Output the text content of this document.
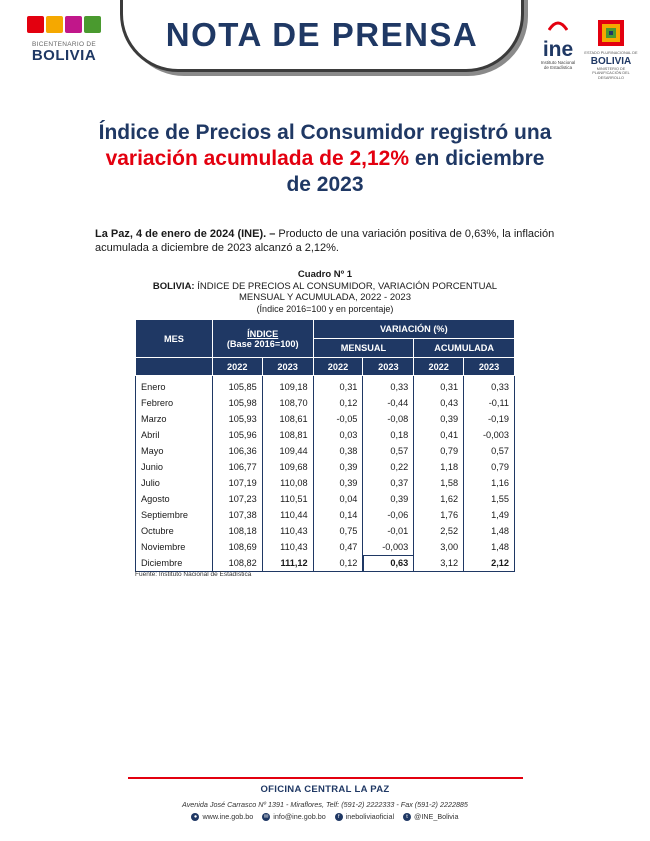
BICENTENARIO DE
BOLIVIA
NOTA DE PRENSA	ine
Instituto Nacional
de Estadística
ESTADO PLURINACIONAL DE
BOLIVIA
MINISTERIO DE
PLANIFICACIÓN DEL DESARROLLO
Índice de Precios al Consumidor registró una
variación acumulada de 2,12% en diciembre
de 2023
La Paz, 4 de enero de 2024 (INE). – Producto de una variación positiva de 0,63%, la inflación acumulada a diciembre de 2023 alcanzó a 2,12%.
Cuadro Nº 1
BOLIVIA: ÍNDICE DE PRECIOS AL CONSUMIDOR, VARIACIÓN PORCENTUAL
MENSUAL Y ACUMULADA, 2022 - 2023
(Índice 2016=100 y en porcentaje)
MES	ÍNDICE
(Base 2016=100)		VARIACIÓN (%)			
			MENSUAL		ACUMULADA	
	2022	2023	2022	2023	2022	2023
Enero	105,85	109,18	0,31	0,33	0,31	0,33
Febrero	105,98	108,70	0,12	-0,44	0,43	-0,11
Marzo	105,93	108,61	-0,05	-0,08	0,39	-0,19
Abril	105,96	108,81	0,03	0,18	0,41	-0,003
Mayo	106,36	109,44	0,38	0,57	0,79	0,57
Junio	106,77	109,68	0,39	0,22	1,18	0,79
Julio	107,19	110,08	0,39	0,37	1,58	1,16
Agosto	107,23	110,51	0,04	0,39	1,62	1,55
Septiembre	107,38	110,44	0,14	-0,06	1,76	1,49
Octubre	108,18	110,43	0,75	-0,01	2,52	1,48
Noviembre	108,69	110,43	0,47	-0,003	3,00	1,48
Diciembre	108,82	111,12	0,12	0,63	3,12	2,12
Fuente: Instituto Nacional de Estadística
OFICINA CENTRAL LA PAZ
Avenida José Carrasco Nº 1391 - Miraflores, Telf: (591-2) 2222333 - Fax (591-2) 2222885
● www.ine.gob.bo	✉ info@ine.gob.bo	f ineboliviaoficial	t @INE_Bolivia
